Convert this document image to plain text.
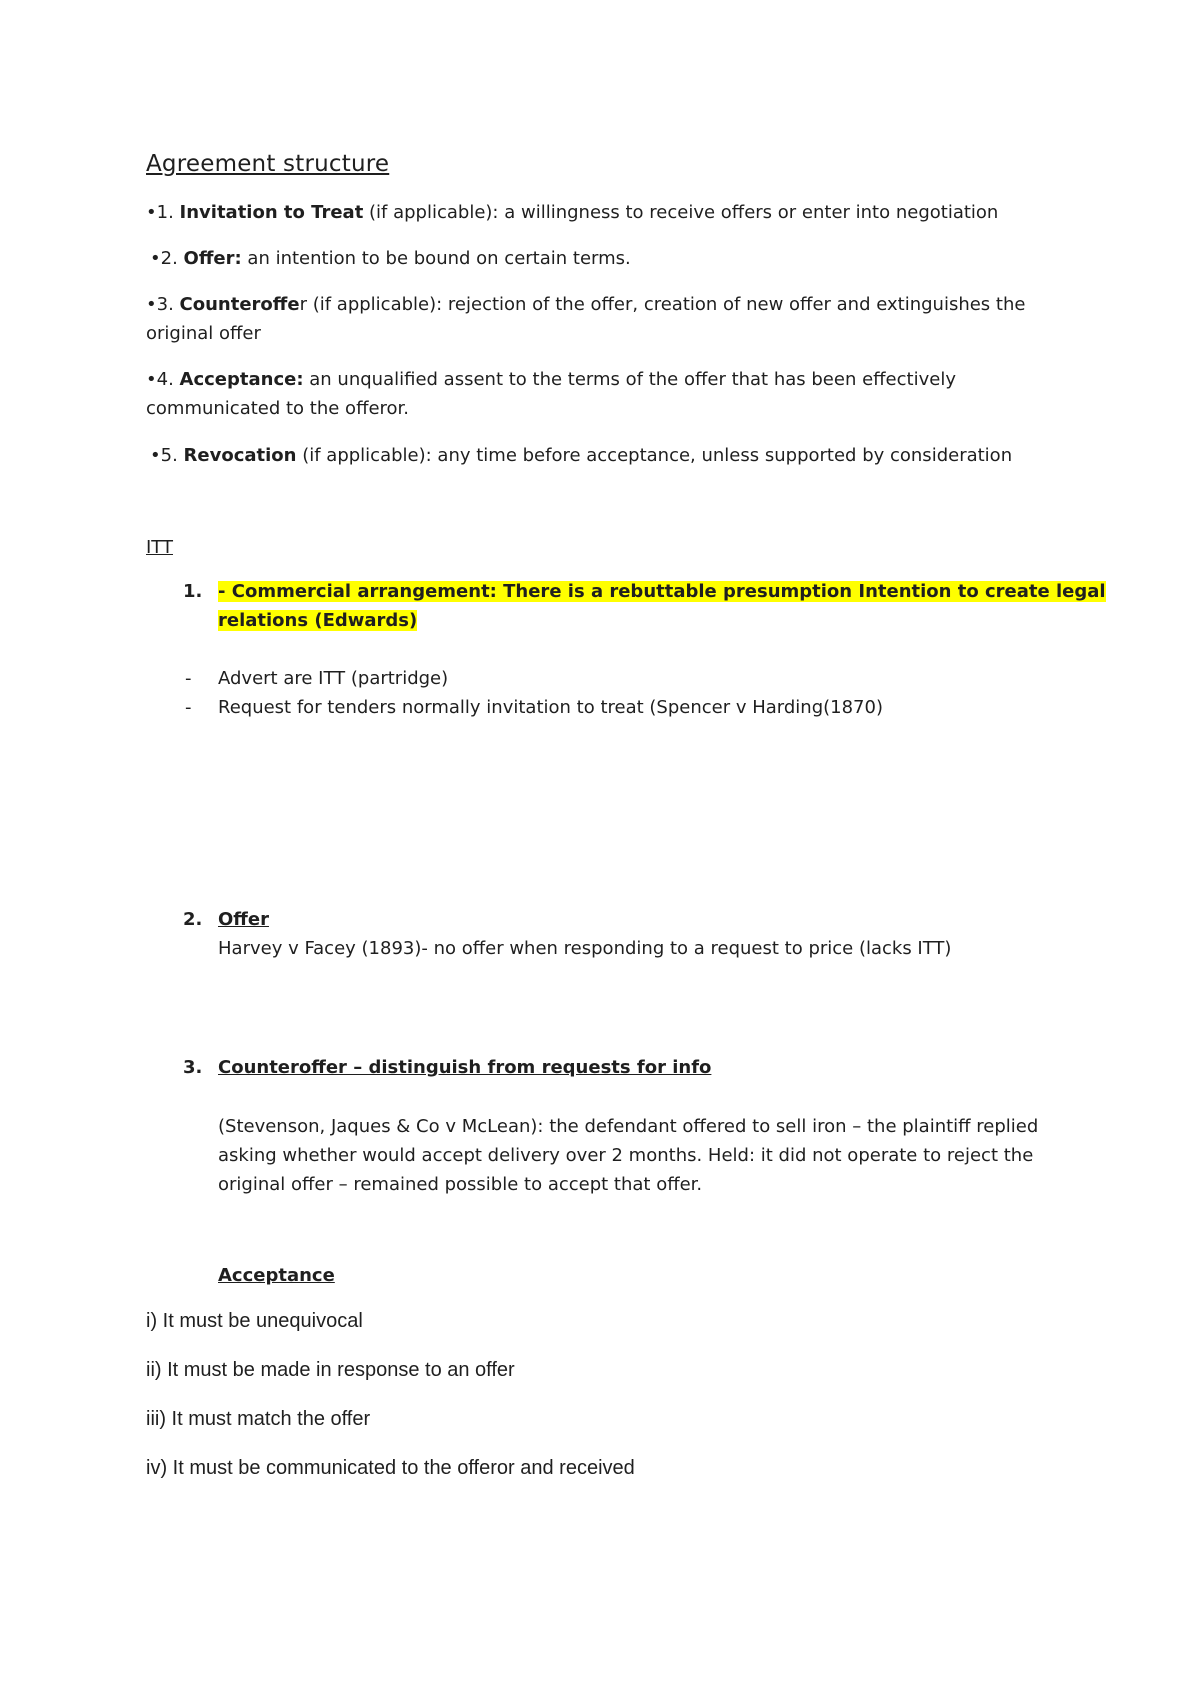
Agreement structure
•1. Invitation to Treat (if applicable): a willingness to receive offers or enter into negotiation
•2. Offer: an intention to be bound on certain terms.
•3. Counteroffer (if applicable): rejection of the offer, creation of new offer and extinguishes the
original offer
•4. Acceptance: an unqualified assent to the terms of the offer that has been effectively
communicated to the offeror.
•5. Revocation (if applicable): any time before acceptance, unless supported by consideration
ITT
1. - Commercial arrangement: There is a rebuttable presumption Intention to create legal
relations (Edwards)
- Advert are ITT (partridge)
- Request for tenders normally invitation to treat (Spencer v Harding(1870)
2. Offer
Harvey v Facey (1893)- no offer when responding to a request to price (lacks ITT)
3. Counteroffer – distinguish from requests for info
(Stevenson, Jaques & Co v McLean): the defendant offered to sell iron – the plaintiff replied
asking whether would accept delivery over 2 months. Held: it did not operate to reject the
original offer – remained possible to accept that offer.
Acceptance
i) It must be unequivocal
ii) It must be made in response to an offer
iii) It must match the offer
iv) It must be communicated to the offeror and received
